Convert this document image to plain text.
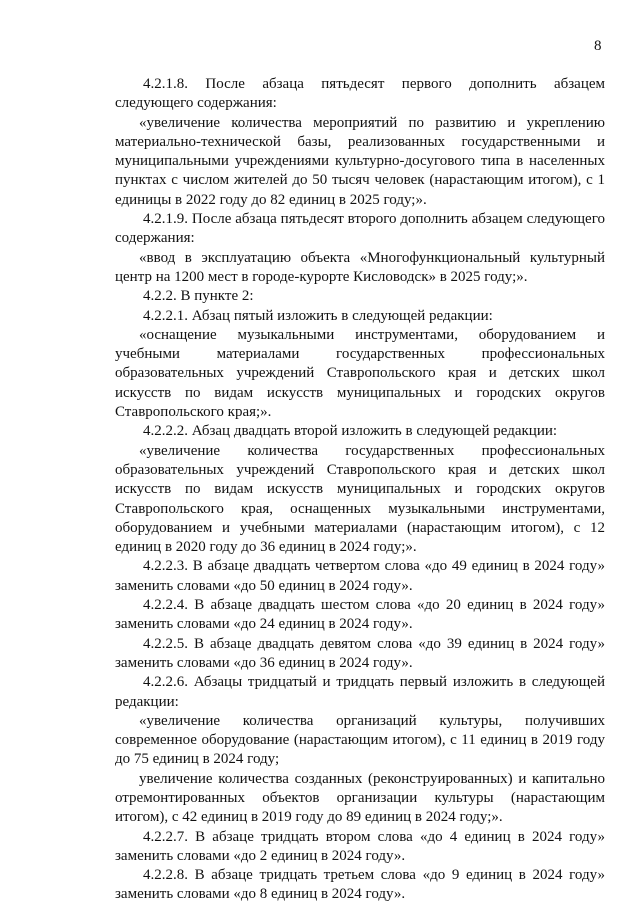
8

4.2.1.8. После абзаца пятьдесят первого дополнить абзацем следующего содержания:

«увеличение количества мероприятий по развитию и укреплению материально-технической базы, реализованных государственными и муниципальными учреждениями культурно-досугового типа в населенных пунктах с числом жителей до 50 тысяч человек (нарастающим итогом), с 1 единицы в 2022 году до 82 единиц в 2025 году;».

4.2.1.9. После абзаца пятьдесят второго дополнить абзацем следующего содержания:

«ввод в эксплуатацию объекта «Многофункциональный культурный центр на 1200 мест в городе-курорте Кисловодск» в 2025 году;».

4.2.2. В пункте 2:

4.2.2.1. Абзац пятый изложить в следующей редакции:

«оснащение музыкальными инструментами, оборудованием и учебными материалами государственных профессиональных образовательных учреждений Ставропольского края и детских школ искусств по видам искусств муниципальных и городских округов Ставропольского края;».

4.2.2.2. Абзац двадцать второй изложить в следующей редакции:

«увеличение количества государственных профессиональных образовательных учреждений Ставропольского края и детских школ искусств по видам искусств муниципальных и городских округов Ставропольского края, оснащенных музыкальными инструментами, оборудованием и учебными материалами (нарастающим итогом), с 12 единиц в 2020 году до 36 единиц в 2024 году;».

4.2.2.3. В абзаце двадцать четвертом слова «до 49 единиц в 2024 году» заменить словами «до 50 единиц в 2024 году».

4.2.2.4. В абзаце двадцать шестом слова «до 20 единиц в 2024 году» заменить словами «до 24 единиц в 2024 году».

4.2.2.5. В абзаце двадцать девятом слова «до 39 единиц в 2024 году» заменить словами «до 36 единиц в 2024 году».

4.2.2.6. Абзацы тридцатый и тридцать первый изложить в следующей редакции:

«увеличение количества организаций культуры, получивших современное оборудование (нарастающим итогом), с 11 единиц в 2019 году до 75 единиц в 2024 году;

увеличение количества созданных (реконструированных) и капитально отремонтированных объектов организации культуры (нарастающим итогом), с 42 единиц в 2019 году до 89 единиц в 2024 году;».

4.2.2.7. В абзаце тридцать втором слова «до 4 единиц в 2024 году» заменить словами «до 2 единиц в 2024 году».

4.2.2.8. В абзаце тридцать третьем слова «до 9 единиц в 2024 году» заменить словами «до 8 единиц в 2024 году».
